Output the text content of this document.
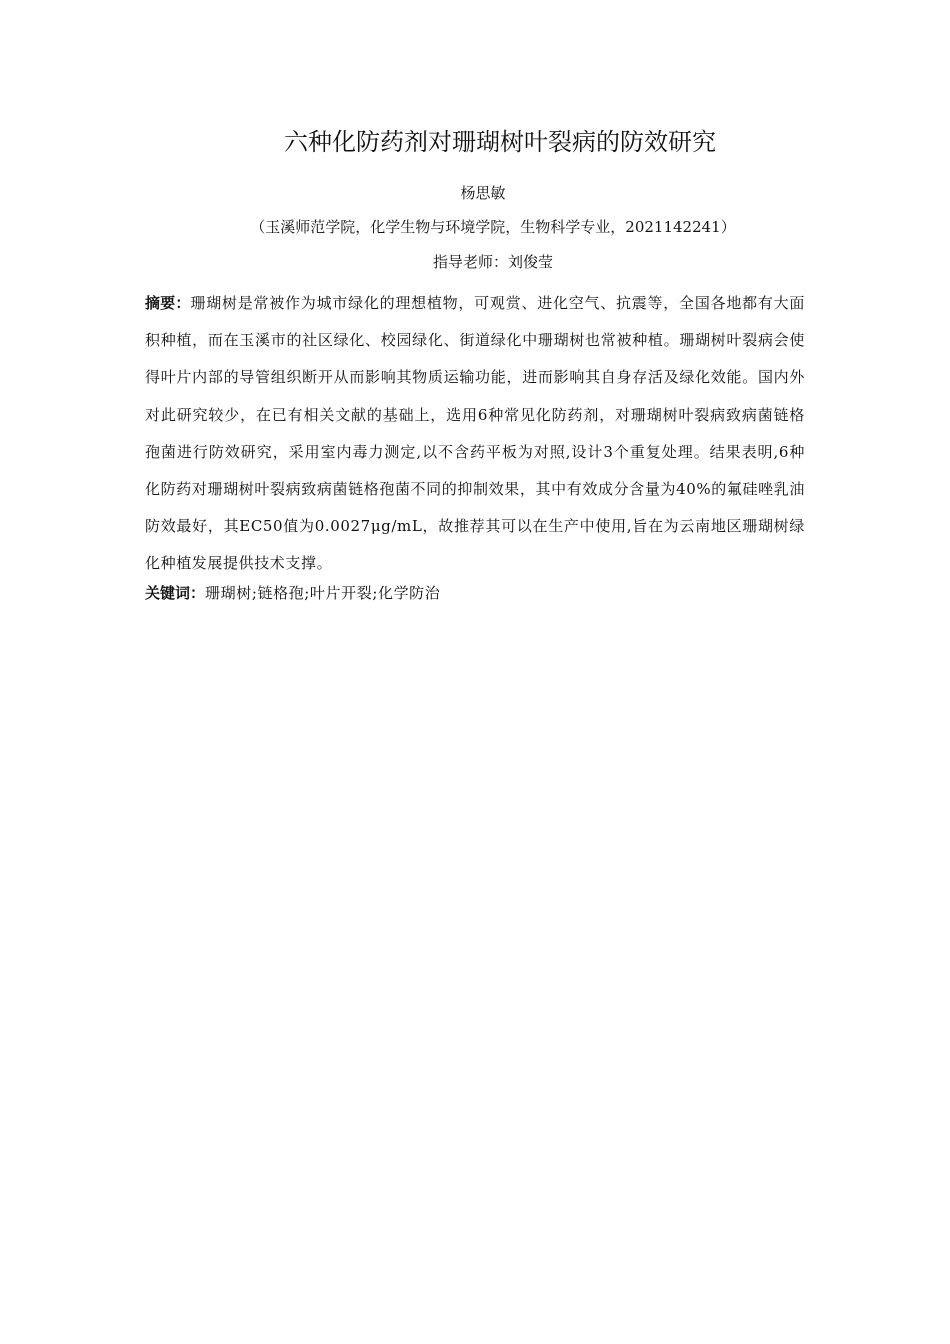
六种化防药剂对珊瑚树叶裂病的防效研究
杨思敏
（玉溪师范学院，化学生物与环境学院，生物科学专业，2021142241）
指导老师：刘俊莹

摘要：珊瑚树是常被作为城市绿化的理想植物，可观赏、进化空气、抗震等，全国各地都有大面积种植，而在玉溪市的社区绿化、校园绿化、街道绿化中珊瑚树也常被种植。珊瑚树叶裂病会使得叶片内部的导管组织断开从而影响其物质运输功能，进而影响其自身存活及绿化效能。国内外对此研究较少，在已有相关文献的基础上，选用6种常见化防药剂，对珊瑚树叶裂病致病菌链格孢菌进行防效研究，采用室内毒力测定,以不含药平板为对照,设计3个重复处理。结果表明,6种化防药对珊瑚树叶裂病致病菌链格孢菌不同的抑制效果，其中有效成分含量为40%的氟硅唑乳油防效最好，其EC50值为0.0027μg/mL，故推荐其可以在生产中使用,旨在为云南地区珊瑚树绿化种植发展提供技术支撑。

关键词：珊瑚树;链格孢;叶片开裂;化学防治
